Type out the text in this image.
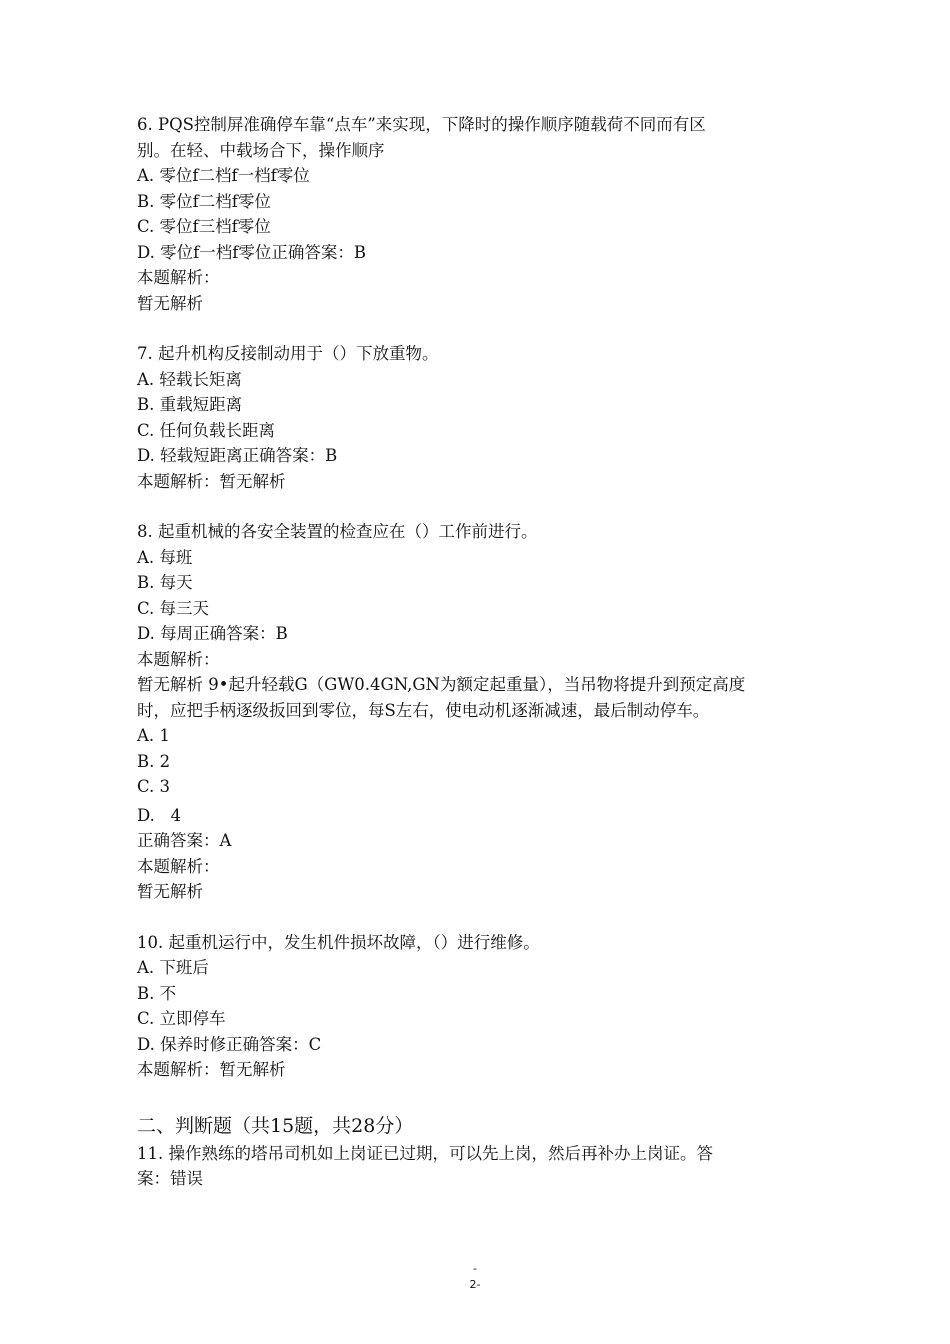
6. PQS控制屏准确停车靠“点车”来实现，下降时的操作顺序随载荷不同而有区
别。在轻、中载场合下，操作顺序
A. 零位f二档f一档f零位
B. 零位f二档f零位
C. 零位f三档f零位
D. 零位f一档f零位正确答案：B
本题解析：
暂无解析
7. 起升机构反接制动用于（）下放重物。
A. 轻载长矩离
B. 重载短距离
C. 任何负载长距离
D. 轻载短距离正确答案：B
本题解析：暂无解析
8. 起重机械的各安全装置的检查应在（）工作前进行。
A. 每班
B. 每天
C. 每三天
D. 每周正确答案：B
本题解析：
暂无解析 9•起升轻载G（GW0.4GN,GN为额定起重量），当吊物将提升到预定高度
时，应把手柄逐级扳回到零位，每S左右，使电动机逐渐减速，最后制动停车。
A. 1
B. 2
C. 3
D.   4
正确答案：A
本题解析：
暂无解析
10. 起重机运行中，发生机件损坏故障，（）进行维修。
A. 下班后
B. 不
C. 立即停车
D. 保养时修正确答案：C
本题解析：暂无解析
二、判断题（共15题，共28分）
11. 操作熟练的塔吊司机如上岗证已过期，可以先上岗，然后再补办上岗证。答
案：错误
-
2-
